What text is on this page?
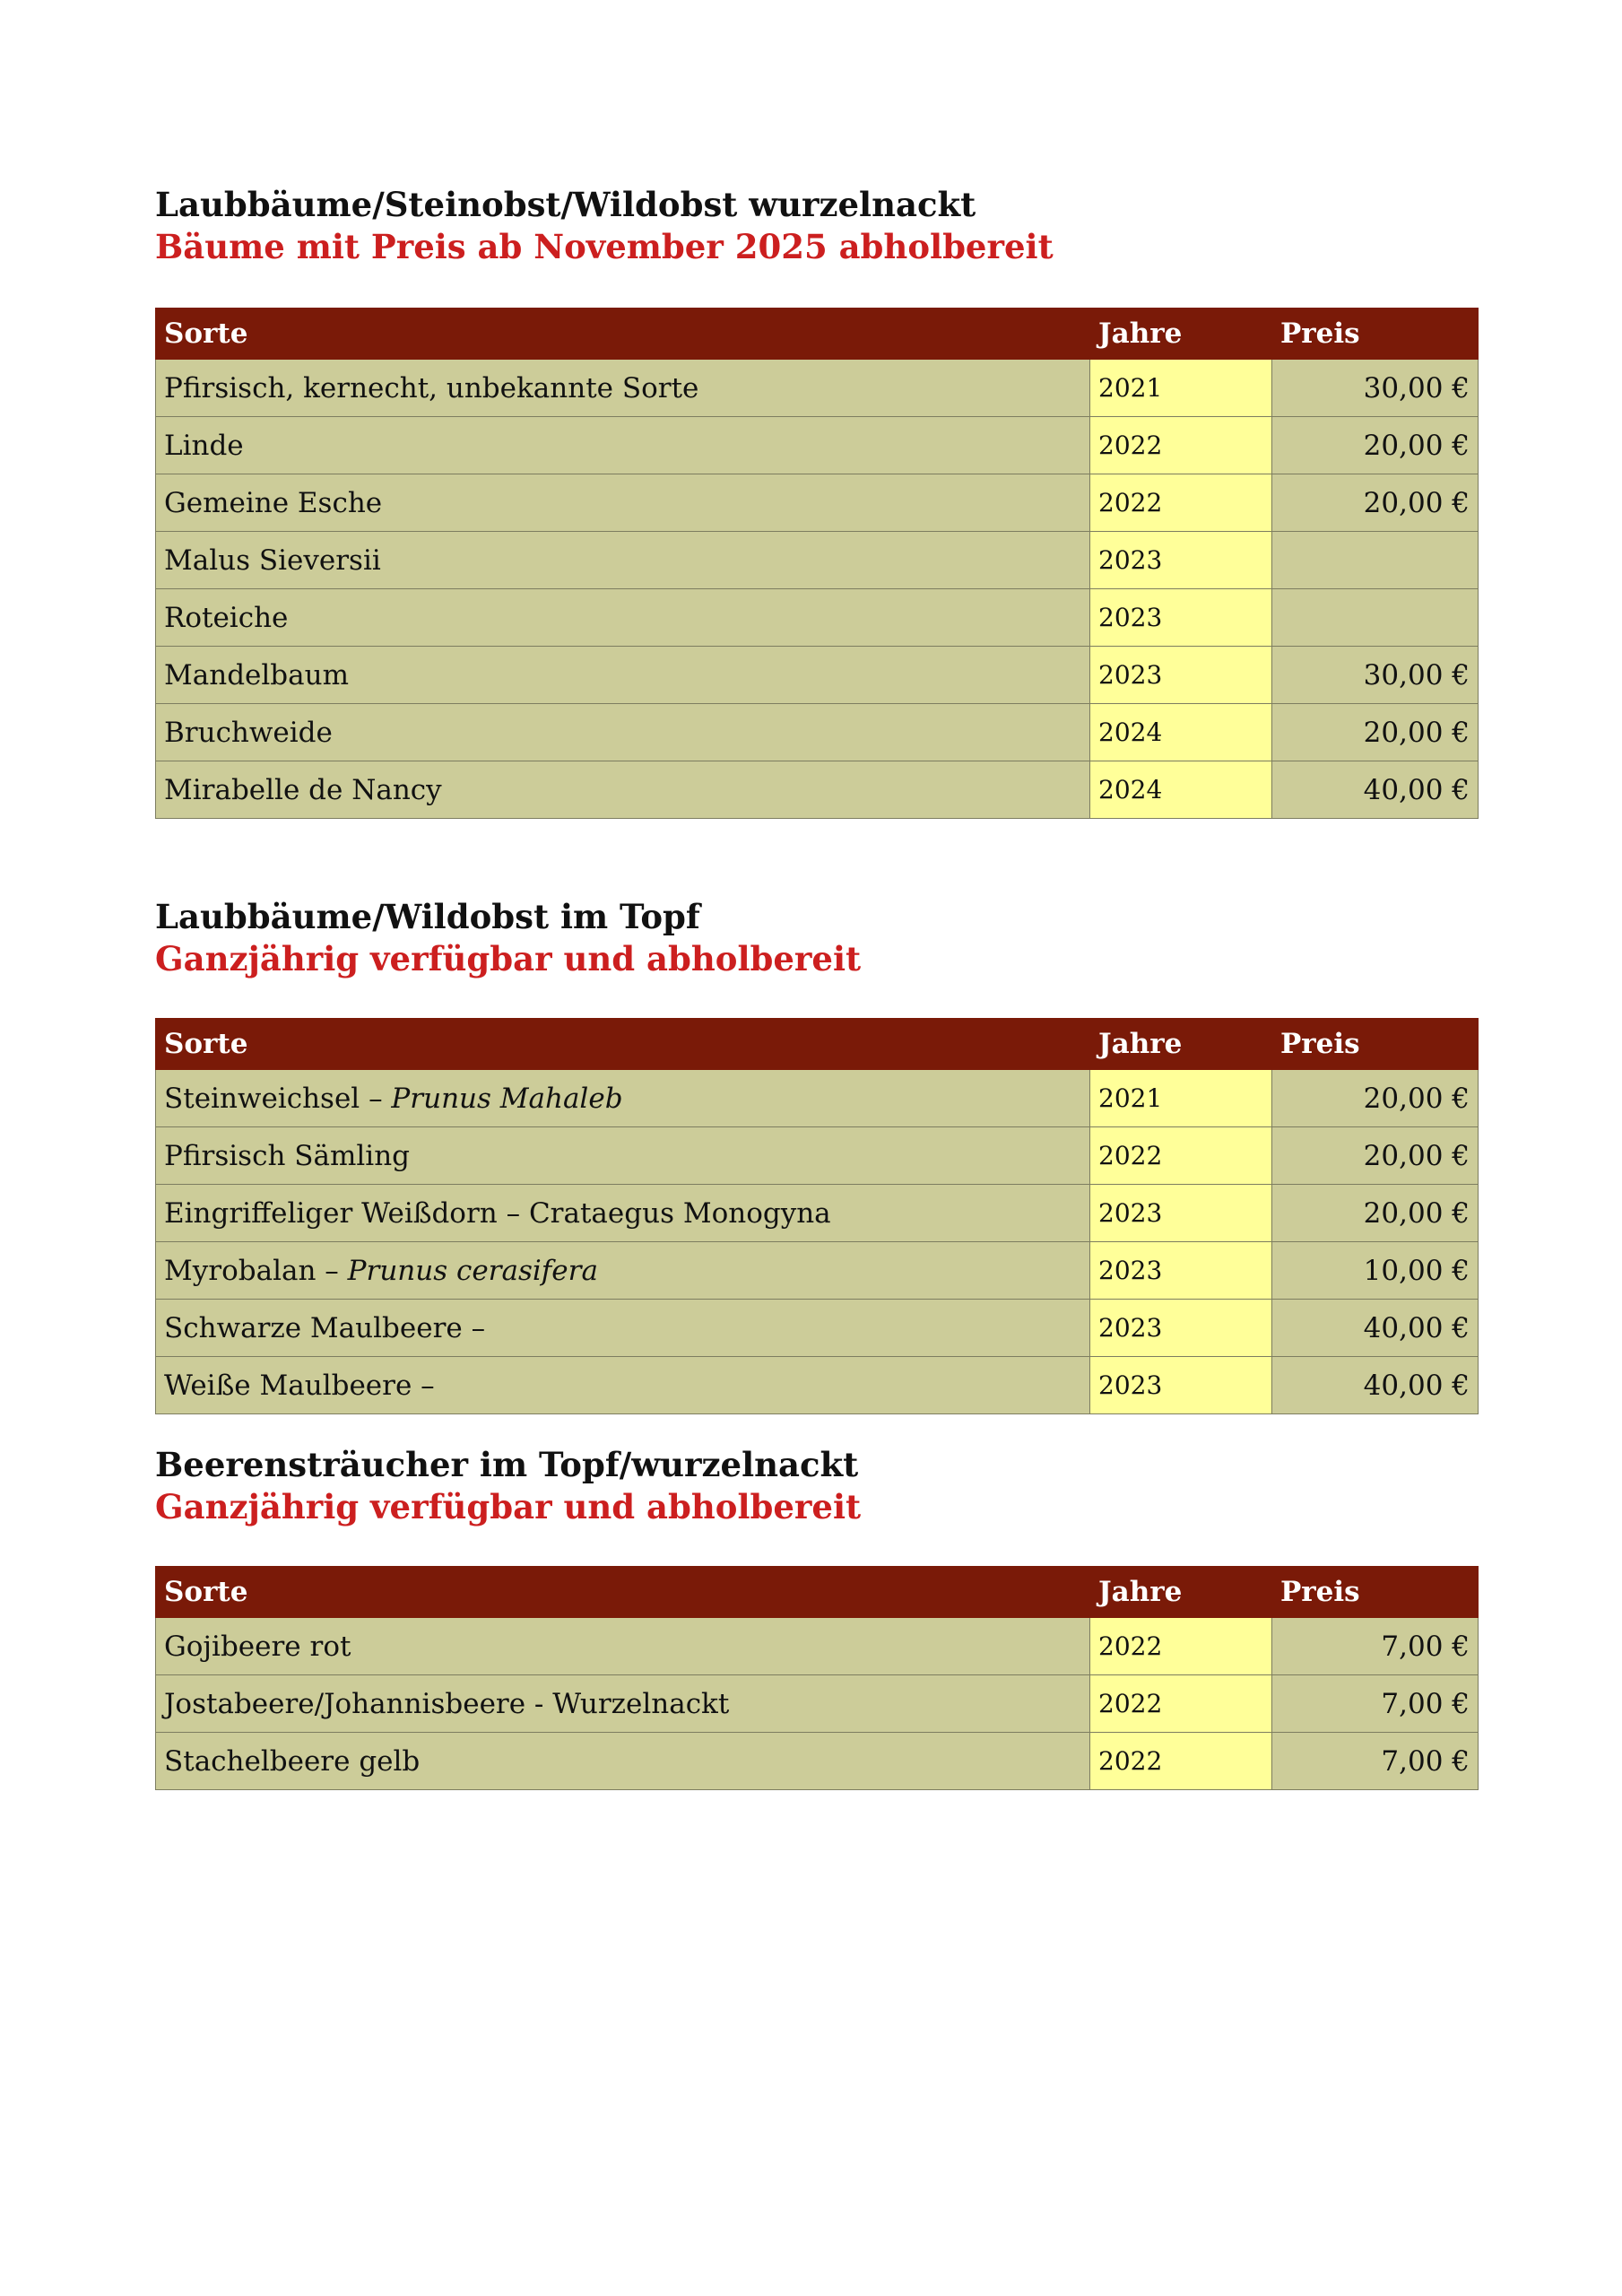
Laubbäume/Steinobst/Wildobst wurzelnackt
Bäume mit Preis ab November 2025 abholbereit
Sorte	Jahre	Preis
Pfirsisch, kernecht, unbekannte Sorte	2021	30,00 €
Linde	2022	20,00 €
Gemeine Esche	2022	20,00 €
Malus Sieversii	2023	
Roteiche	2023	
Mandelbaum	2023	30,00 €
Bruchweide	2024	20,00 €
Mirabelle de Nancy	2024	40,00 €
Laubbäume/Wildobst im Topf
Ganzjährig verfügbar und abholbereit
Sorte	Jahre	Preis
Steinweichsel – Prunus Mahaleb	2021	20,00 €
Pfirsisch Sämling	2022	20,00 €
Eingriffeliger Weißdorn – Crataegus Monogyna	2023	20,00 €
Myrobalan – Prunus cerasifera	2023	10,00 €
Schwarze Maulbeere –	2023	40,00 €
Weiße Maulbeere –	2023	40,00 €
Beerensträucher im Topf/wurzelnackt
Ganzjährig verfügbar und abholbereit
Sorte	Jahre	Preis
Gojibeere rot	2022	7,00 €
Jostabeere/Johannisbeere - Wurzelnackt	2022	7,00 €
Stachelbeere gelb	2022	7,00 €
